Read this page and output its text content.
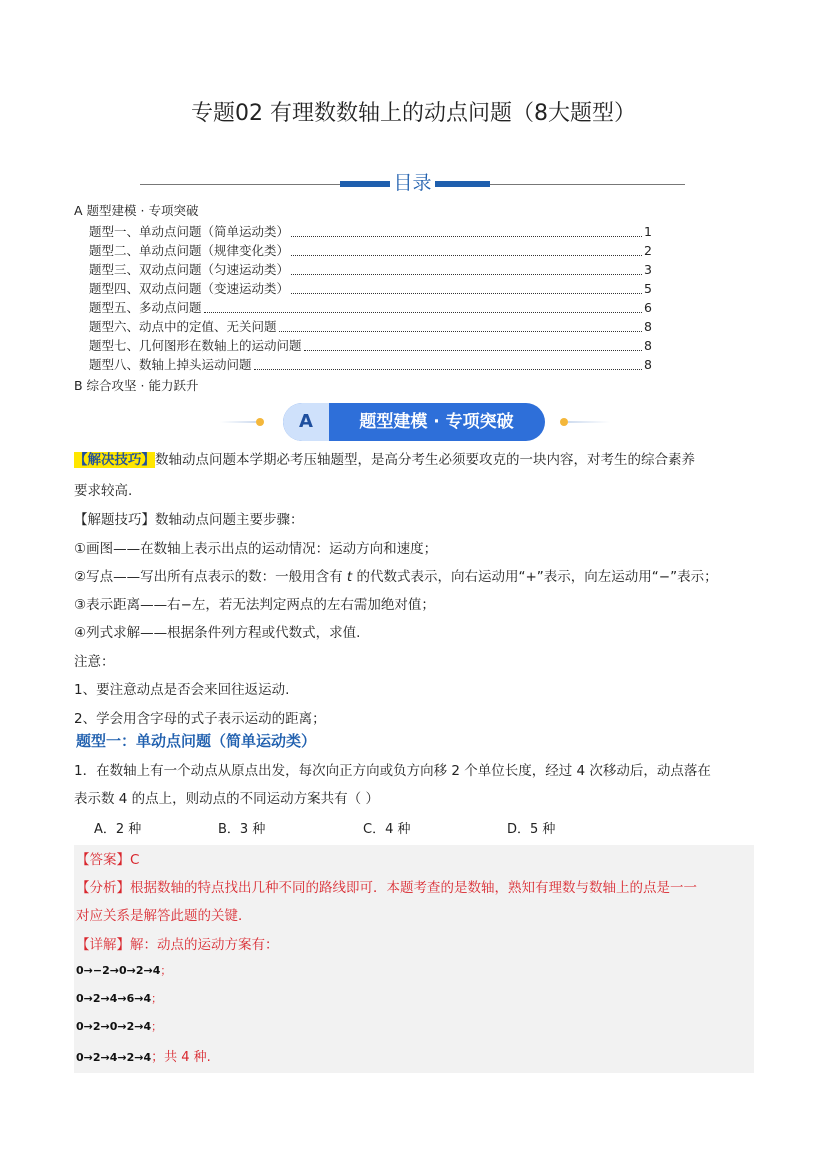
专题02 有理数数轴上的动点问题（8大题型）
目录
A 题型建模 · 专项突破
题型一、单动点问题（简单运动类）	1
题型二、单动点问题（规律变化类）	2
题型三、双动点问题（匀速运动类）	3
题型四、双动点问题（变速运动类）	5
题型五、多动点问题	6
题型六、动点中的定值、无关问题	8
题型七、几何图形在数轴上的运动问题	8
题型八、数轴上掉头运动问题	8
B 综合攻坚 · 能力跃升
A	题型建模 · 专项突破
【解决技巧】数轴动点问题本学期必考压轴题型，是高分考生必须要攻克的一块内容，对考生的综合素养
要求较高.
【解题技巧】数轴动点问题主要步骤：
①画图——在数轴上表示出点的运动情况：运动方向和速度；
②写点——写出所有点表示的数：一般用含有 t 的代数式表示，向右运动用“+”表示，向左运动用“−”表示；
③表示距离——右−左，若无法判定两点的左右需加绝对值；
④列式求解——根据条件列方程或代数式，求值.
注意：
1、要注意动点是否会来回往返运动.
2、学会用含字母的式子表示运动的距离；
题型一：单动点问题（简单运动类）
1．在数轴上有一个动点从原点出发，每次向正方向或负方向移 2 个单位长度，经过 4 次移动后，动点落在
表示数 4 的点上，则动点的不同运动方案共有（ ）
A．2 种	B．3 种	C．4 种	D．5 种
【答案】C
【分析】根据数轴的特点找出几种不同的路线即可．本题考查的是数轴，熟知有理数与数轴上的点是一一
对应关系是解答此题的关键．
【详解】解：动点的运动方案有：
0→−2→0→2→4；
0→2→4→6→4；
0→2→0→2→4；
0→2→4→2→4；共 4 种.
